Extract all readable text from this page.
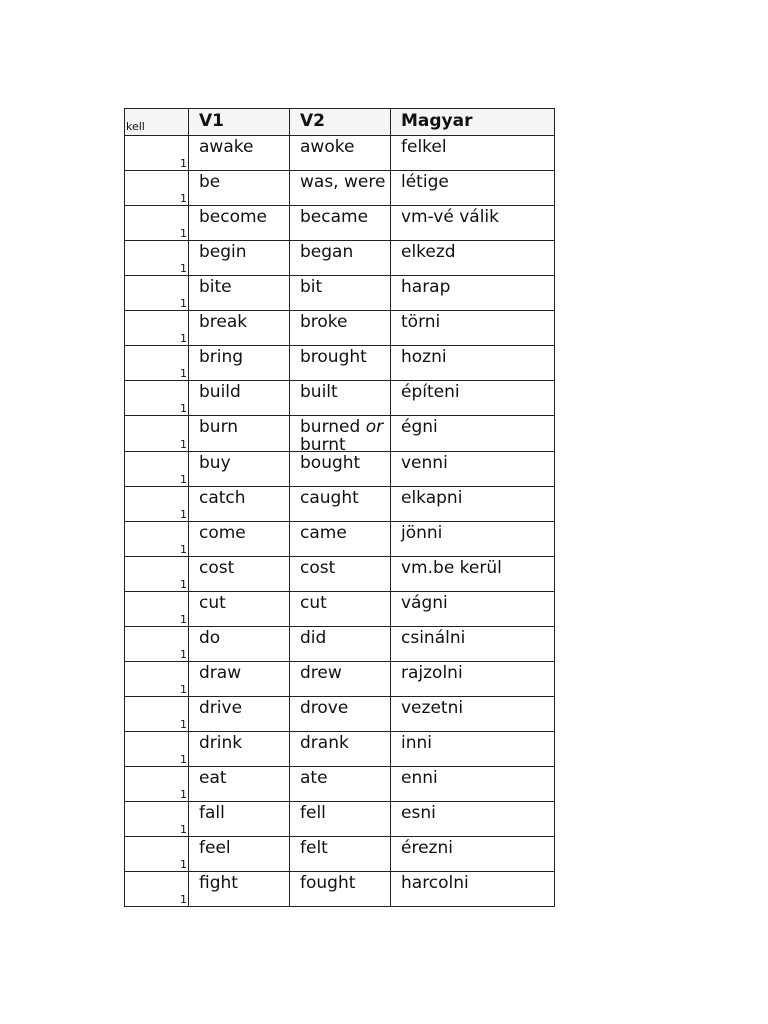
kell	V1	V2	Magyar

1	awake	awoke	felkel

1	be	was, were	létige

1	become	became	vm-vé válik

1	begin	began	elkezd

1	bite	bit	harap

1	break	broke	törni

1	bring	brought	hozni

1	build	built	építeni

1	burn	burned or burnt	égni

1	buy	bought	venni

1	catch	caught	elkapni

1	come	came	jönni

1	cost	cost	vm.be kerül

1	cut	cut	vágni

1	do	did	csinálni

1	draw	drew	rajzolni

1	drive	drove	vezetni

1	drink	drank	inni

1	eat	ate	enni

1	fall	fell	esni

1	feel	felt	érezni

1	fight	fought	harcolni
